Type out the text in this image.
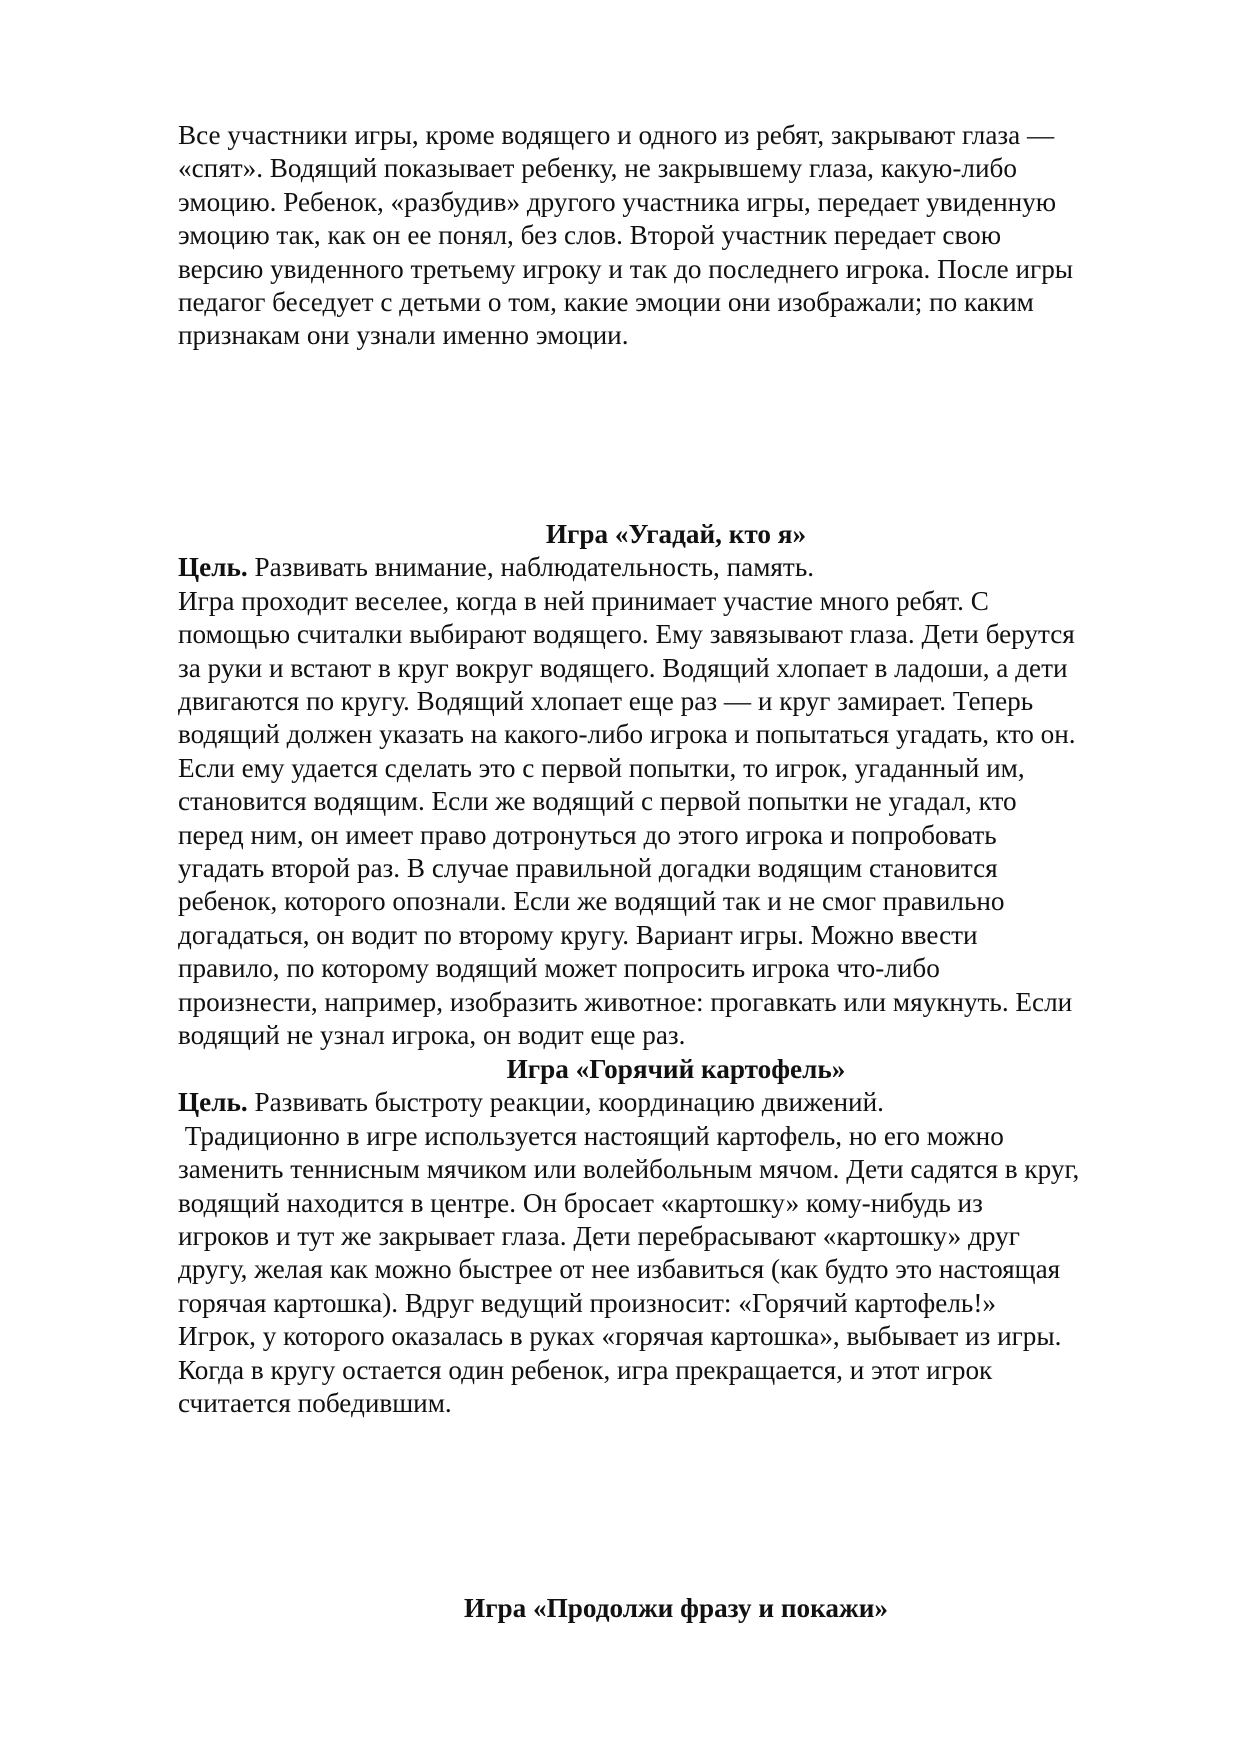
Все участники игры, кроме водящего и одного из ребят, закрывают глаза —
«спят». Водящий показывает ребенку, не закрывшему глаза, какую-либо
эмоцию. Ребенок, «разбудив» другого участника игры, передает увиденную
эмоцию так, как он ее понял, без слов. Второй участник передает свою
версию увиденного третьему игроку и так до последнего игрока. После игры
педагог беседует с детьми о том, какие эмоции они изображали; по каким
признакам они узнали именно эмоции.
Игра «Угадай, кто я»
Цель. Развивать внимание, наблюдательность, память.
Игра проходит веселее, когда в ней принимает участие много ребят. С
помощью считалки выбирают водящего. Ему завязывают глаза. Дети берутся
за руки и встают в круг вокруг водящего. Водящий хлопает в ладоши, а дети
двигаются по кругу. Водящий хлопает еще раз — и круг замирает. Теперь
водящий должен указать на какого-либо игрока и попытаться угадать, кто он.
Если ему удается сделать это с первой попытки, то игрок, угаданный им,
становится водящим. Если же водящий с первой попытки не угадал, кто
перед ним, он имеет право дотронуться до этого игрока и попробовать
угадать второй раз. В случае правильной догадки водящим становится
ребенок, которого опознали. Если же водящий так и не смог правильно
догадаться, он водит по второму кругу. Вариант игры. Можно ввести
правило, по которому водящий может попросить игрока что-либо
произнести, например, изобразить животное: прогавкать или мяукнуть. Если
водящий не узнал игрока, он водит еще раз.
Игра «Горячий картофель»
Цель. Развивать быстроту реакции, координацию движений.
Традиционно в игре используется настоящий картофель, но его можно
заменить теннисным мячиком или волейбольным мячом. Дети садятся в круг,
водящий находится в центре. Он бросает «картошку» кому-нибудь из
игроков и тут же закрывает глаза. Дети перебрасывают «картошку» друг
другу, желая как можно быстрее от нее избавиться (как будто это настоящая
горячая картошка). Вдруг ведущий произносит: «Горячий картофель!»
Игрок, у которого оказалась в руках «горячая картошка», выбывает из игры.
Когда в кругу остается один ребенок, игра прекращается, и этот игрок
считается победившим.
Игра «Продолжи фразу и покажи»
